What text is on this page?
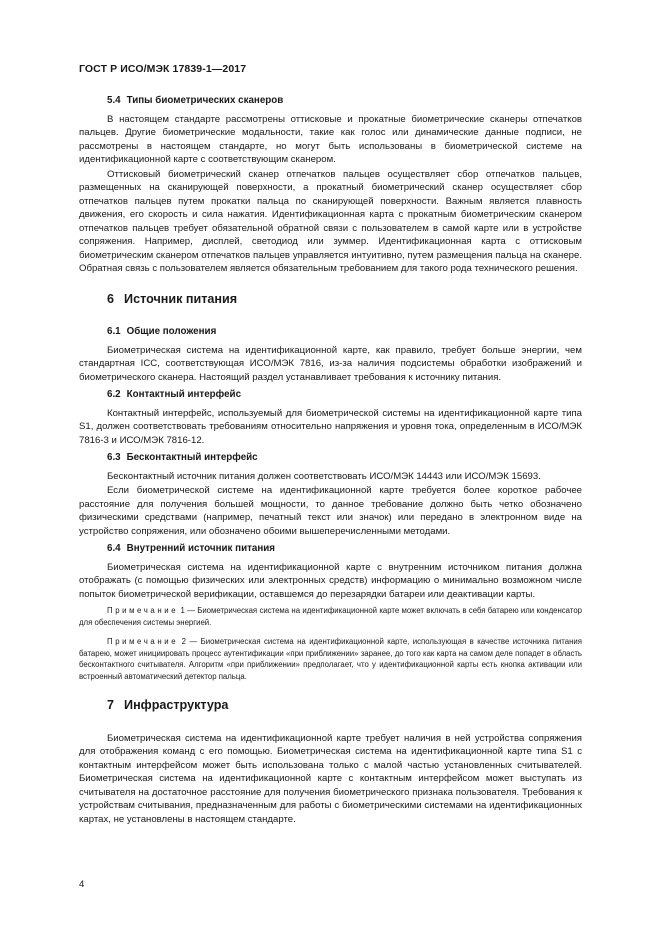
ГОСТ Р ИСО/МЭК 17839-1—2017
5.4 Типы биометрических сканеров

В настоящем стандарте рассмотрены оттисковые и прокатные биометрические сканеры отпечатков пальцев. Другие биометрические модальности, такие как голос или динамические данные подписи, не рассмотрены в настоящем стандарте, но могут быть использованы в биометрической системе на идентификационной карте с соответствующим сканером.

Оттисковый биометрический сканер отпечатков пальцев осуществляет сбор отпечатков пальцев, размещенных на сканирующей поверхности, а прокатный биометрический сканер осуществляет сбор отпечатков пальцев путем прокатки пальца по сканирующей поверхности. Важным является плавность движения, его скорость и сила нажатия. Идентификационная карта с прокатным биометрическим сканером отпечатков пальцев требует обязательной обратной связи с пользователем в самой карте или в устройстве сопряжения. Например, дисплей, светодиод или зуммер. Идентификационная карта с оттисковым биометрическим сканером отпечатков пальцев управляется интуитивно, путем размещения пальца на сканере. Обратная связь с пользователем является обязательным требованием для такого рода технического решения.

6 Источник питания
6.1 Общие положения

Биометрическая система на идентификационной карте, как правило, требует больше энергии, чем стандартная ICC, соответствующая ИСО/МЭК 7816, из-за наличия подсистемы обработки изображений и биометрического сканера. Настоящий раздел устанавливает требования к источнику питания.

6.2 Контактный интерфейс

Контактный интерфейс, используемый для биометрической системы на идентификационной карте типа S1, должен соответствовать требованиям относительно напряжения и уровня тока, определенным в ИСО/МЭК 7816-3 и ИСО/МЭК 7816-12.

6.3 Бесконтактный интерфейс

Бесконтактный источник питания должен соответствовать ИСО/МЭК 14443 или ИСО/МЭК 15693.

Если биометрической системе на идентификационной карте требуется более короткое рабочее расстояние для получения большей мощности, то данное требование должно быть четко обозначено физическими средствами (например, печатный текст или значок) или передано в электронном виде на устройство сопряжения, или обозначено обоими вышеперечисленными методами.

6.4 Внутренний источник питания

Биометрическая система на идентификационной карте с внутренним источником питания должна отображать (с помощью физических или электронных средств) информацию о минимально возможном числе попыток биометрической верификации, оставшемся до перезарядки батареи или деактивации карты.

Примечание 1 — Биометрическая система на идентификационной карте может включать в себя батарею или конденсатор для обеспечения системы энергией.
Примечание 2 — Биометрическая система на идентификационной карте, использующая в качестве источника питания батарею, может инициировать процесс аутентификации «при приближении» заранее, до того как карта на самом деле попадет в область бесконтактного считывателя. Алгоритм «при приближении» предполагает, что у идентификационной карты есть кнопка активации или встроенный автоматический детектор пальца.
7 Инфраструктура

Биометрическая система на идентификационной карте требует наличия в ней устройства сопряжения для отображения команд с его помощью. Биометрическая система на идентификационной карте типа S1 с контактным интерфейсом может быть использована только с малой частью установленных считывателей. Биометрическая система на идентификационной карте с контактным интерфейсом может выступать из считывателя на достаточное расстояние для получения биометрического признака пользователя. Требования к устройствам считывания, предназначенным для работы с биометрическими системами на идентификационных картах, не установлены в настоящем стандарте.

4
